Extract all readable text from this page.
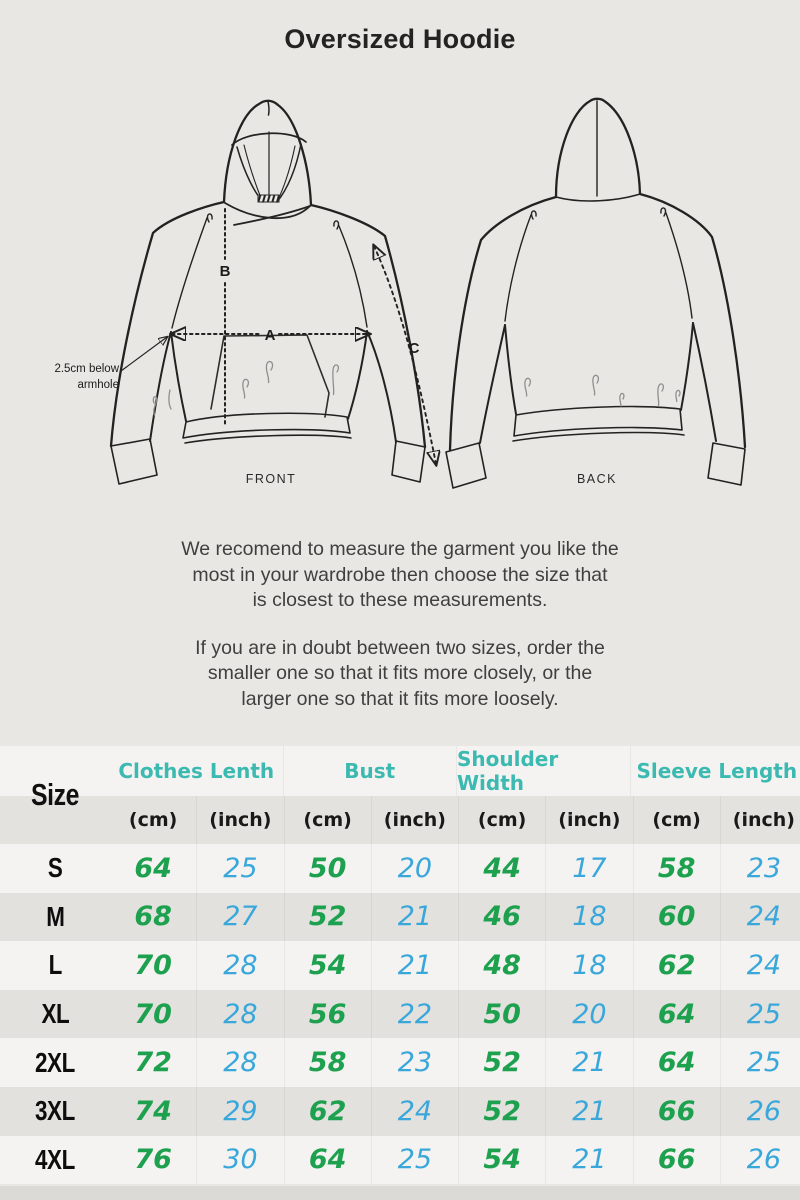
Oversized Hoodie
A
B
C
2.5cm below
armhole
FRONT	BACK
We recomend to measure the garment you like the
most in your wardrobe then choose the size that
is closest to these measurements.
If you are in doubt between two sizes, order the
smaller one so that it fits more closely, or the
larger one so that it fits more loosely.
Clothes Lenth	Bust	Shoulder Width	Sleeve Length
(cm)	(inch)	(cm)	(inch)	(cm)	(inch)	(cm)	(inch)
Size
S	64	25	50	20	44	17	58	23
M	68	27	52	21	46	18	60	24
L	70	28	54	21	48	18	62	24
XL	70	28	56	22	50	20	64	25
2XL	72	28	58	23	52	21	64	25
3XL	74	29	62	24	52	21	66	26
4XL	76	30	64	25	54	21	66	26
